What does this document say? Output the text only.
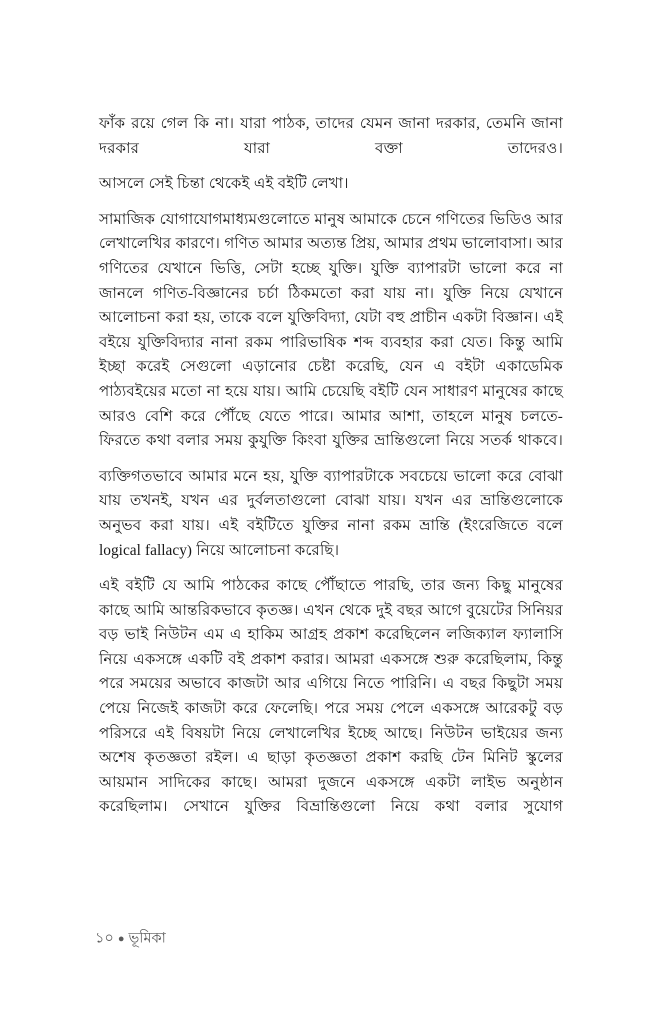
ফাঁক রয়ে গেল কি না। যারা পাঠক, তাদের যেমন জানা দরকার, তেমনি জানা দরকার যারা বক্তা তাদেরও।

আসলে সেই চিন্তা থেকেই এই বইটি লেখা।

সামাজিক যোগাযোগমাধ্যমগুলোতে মানুষ আমাকে চেনে গণিতের ভিডিও আর লেখালেখির কারণে। গণিত আমার অত্যন্ত প্রিয়, আমার প্রথম ভালোবাসা। আর গণিতের যেখানে ভিত্তি, সেটা হচ্ছে যুক্তি। যুক্তি ব্যাপারটা ভালো করে না জানলে গণিত-বিজ্ঞানের চর্চা ঠিকমতো করা যায় না। যুক্তি নিয়ে যেখানে আলোচনা করা হয়, তাকে বলে যুক্তিবিদ্যা, যেটা বহু প্রাচীন একটা বিজ্ঞান। এই বইয়ে যুক্তিবিদ্যার নানা রকম পারিভাষিক শব্দ ব্যবহার করা যেত। কিন্তু আমি ইচ্ছা করেই সেগুলো এড়ানোর চেষ্টা করেছি, যেন এ বইটা একাডেমিক পাঠ্যবইয়ের মতো না হয়ে যায়। আমি চেয়েছি বইটি যেন সাধারণ মানুষের কাছে আরও বেশি করে পৌঁছে যেতে পারে। আমার আশা, তাহলে মানুষ চলতে-ফিরতে কথা বলার সময় কুযুক্তি কিংবা যুক্তির ভ্রান্তিগুলো নিয়ে সতর্ক থাকবে।

ব্যক্তিগতভাবে আমার মনে হয়, যুক্তি ব্যাপারটাকে সবচেয়ে ভালো করে বোঝা যায় তখনই, যখন এর দুর্বলতাগুলো বোঝা যায়। যখন এর ভ্রান্তিগুলোকে অনুভব করা যায়। এই বইটিতে যুক্তির নানা রকম ভ্রান্তি (ইংরেজিতে বলে logical fallacy) নিয়ে আলোচনা করেছি।

এই বইটি যে আমি পাঠকের কাছে পৌঁছাতে পারছি, তার জন্য কিছু মানুষের কাছে আমি আন্তরিকভাবে কৃতজ্ঞ। এখন থেকে দুই বছর আগে বুয়েটের সিনিয়র বড় ভাই নিউটন এম এ হাকিম আগ্রহ প্রকাশ করেছিলেন লজিক্যাল ফ্যালাসি নিয়ে একসঙ্গে একটি বই প্রকাশ করার। আমরা একসঙ্গে শুরু করেছিলাম, কিন্তু পরে সময়ের অভাবে কাজটা আর এগিয়ে নিতে পারিনি। এ বছর কিছুটা সময় পেয়ে নিজেই কাজটা করে ফেলেছি। পরে সময় পেলে একসঙ্গে আরেকটু বড় পরিসরে এই বিষয়টা নিয়ে লেখালেখির ইচ্ছে আছে। নিউটন ভাইয়ের জন্য অশেষ কৃতজ্ঞতা রইল। এ ছাড়া কৃতজ্ঞতা প্রকাশ করছি টেন মিনিট স্কুলের আয়মান সাদিকের কাছে। আমরা দুজনে একসঙ্গে একটা লাইভ অনুষ্ঠান করেছিলাম। সেখানে যুক্তির বিভ্রান্তিগুলো নিয়ে কথা বলার সুযোগ

১০ ● ভূমিকা
